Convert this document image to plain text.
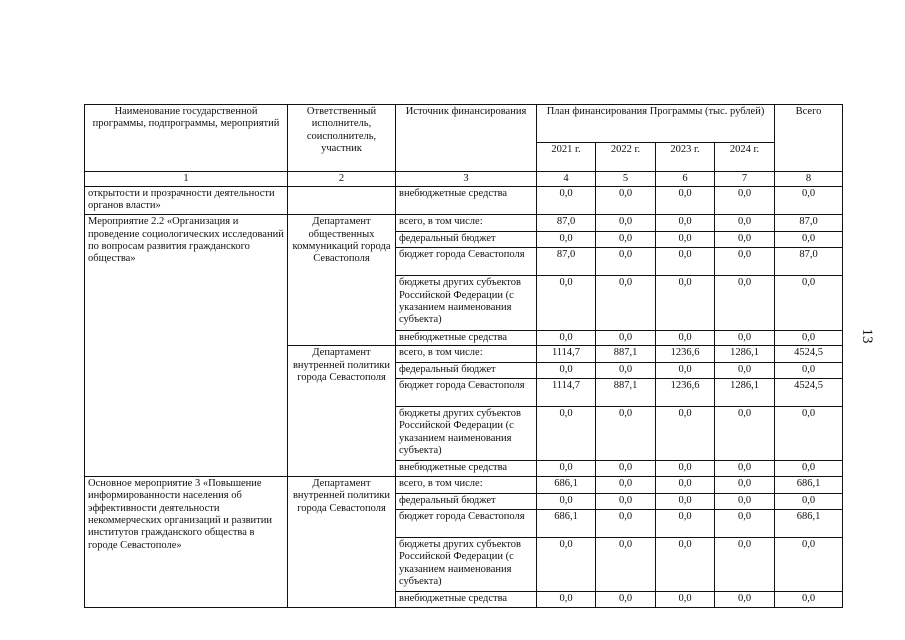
Наименование государственной программы, подпрограммы, мероприятий	Ответственный исполнитель, соисполнитель, участник	Источник финансирования	План финансирования Программы (тыс. рублей)				Всего
			2021 г.	2022 г.	2023 г.	2024 г.	
1	2	3	4	5	6	7	8
открытости и прозрачности деятельности органов власти»		внебюджетные средства	0,0	0,0	0,0	0,0	0,0
Мероприятие 2.2 «Организация и проведение социологических исследований по вопросам развития гражданского общества»	Департамент общественных коммуникаций города Севастополя	всего, в том числе:	87,0	0,0	0,0	0,0	87,0
		федеральный бюджет	0,0	0,0	0,0	0,0	0,0
		бюджет города Севастополя	87,0	0,0	0,0	0,0	87,0
		бюджеты других субъектов Российской Федерации (с указанием наименования субъекта)	0,0	0,0	0,0	0,0	0,0
		внебюджетные средства	0,0	0,0	0,0	0,0	0,0
	Департамент внутренней политики города Севастополя	всего, в том числе:	1114,7	887,1	1236,6	1286,1	4524,5
		федеральный бюджет	0,0	0,0	0,0	0,0	0,0
		бюджет города Севастополя	1114,7	887,1	1236,6	1286,1	4524,5
		бюджеты других субъектов Российской Федерации (с указанием наименования субъекта)	0,0	0,0	0,0	0,0	0,0
		внебюджетные средства	0,0	0,0	0,0	0,0	0,0
Основное мероприятие 3 «Повышение информированности населения об эффективности деятельности некоммерческих организаций и развитии институтов гражданского общества в городе Севастополе»	Департамент внутренней политики города Севастополя	всего, в том числе:	686,1	0,0	0,0	0,0	686,1
		федеральный бюджет	0,0	0,0	0,0	0,0	0,0
		бюджет города Севастополя	686,1	0,0	0,0	0,0	686,1
		бюджеты других субъектов Российской Федерации (с указанием наименования субъекта)	0,0	0,0	0,0	0,0	0,0
		внебюджетные средства	0,0	0,0	0,0	0,0	0,0
13
